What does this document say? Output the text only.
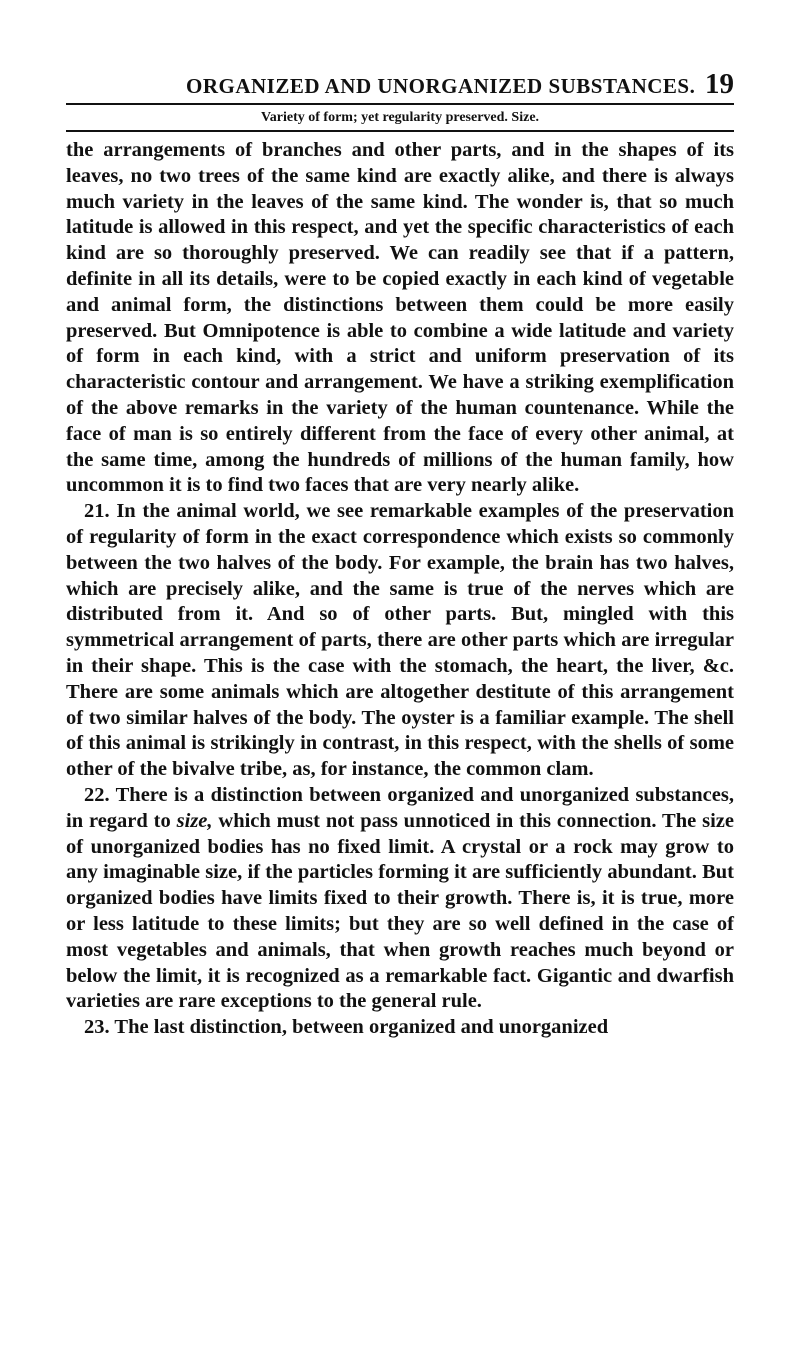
ORGANIZED AND UNORGANIZED SUBSTANCES. 19
Variety of form; yet regularity preserved. Size.

the arrangements of branches and other parts, and in the shapes of its leaves, no two trees of the same kind are exactly alike, and there is always much variety in the leaves of the same kind. The wonder is, that so much latitude is allowed in this respect, and yet the specific characteristics of each kind are so thoroughly preserved. We can readily see that if a pattern, definite in all its details, were to be copied exactly in each kind of vegetable and animal form, the distinctions between them could be more easily preserved. But Omnipotence is able to combine a wide latitude and variety of form in each kind, with a strict and uniform preservation of its characteristic contour and arrangement. We have a striking exemplification of the above remarks in the variety of the human countenance. While the face of man is so entirely different from the face of every other animal, at the same time, among the hundreds of millions of the human family, how uncommon it is to find two faces that are very nearly alike.

21. In the animal world, we see remarkable examples of the preservation of regularity of form in the exact correspondence which exists so commonly between the two halves of the body. For example, the brain has two halves, which are precisely alike, and the same is true of the nerves which are distributed from it. And so of other parts. But, mingled with this symmetrical arrangement of parts, there are other parts which are irregular in their shape. This is the case with the stomach, the heart, the liver, &c. There are some animals which are altogether destitute of this arrangement of two similar halves of the body. The oyster is a familiar example. The shell of this animal is strikingly in contrast, in this respect, with the shells of some other of the bivalve tribe, as, for instance, the common clam.

22. There is a distinction between organized and unorganized substances, in regard to size, which must not pass unnoticed in this connection. The size of unorganized bodies has no fixed limit. A crystal or a rock may grow to any imaginable size, if the particles forming it are sufficiently abundant. But organized bodies have limits fixed to their growth. There is, it is true, more or less latitude to these limits; but they are so well defined in the case of most vegetables and animals, that when growth reaches much beyond or below the limit, it is recognized as a remarkable fact. Gigantic and dwarfish varieties are rare exceptions to the general rule.

23. The last distinction, between organized and unorganized
